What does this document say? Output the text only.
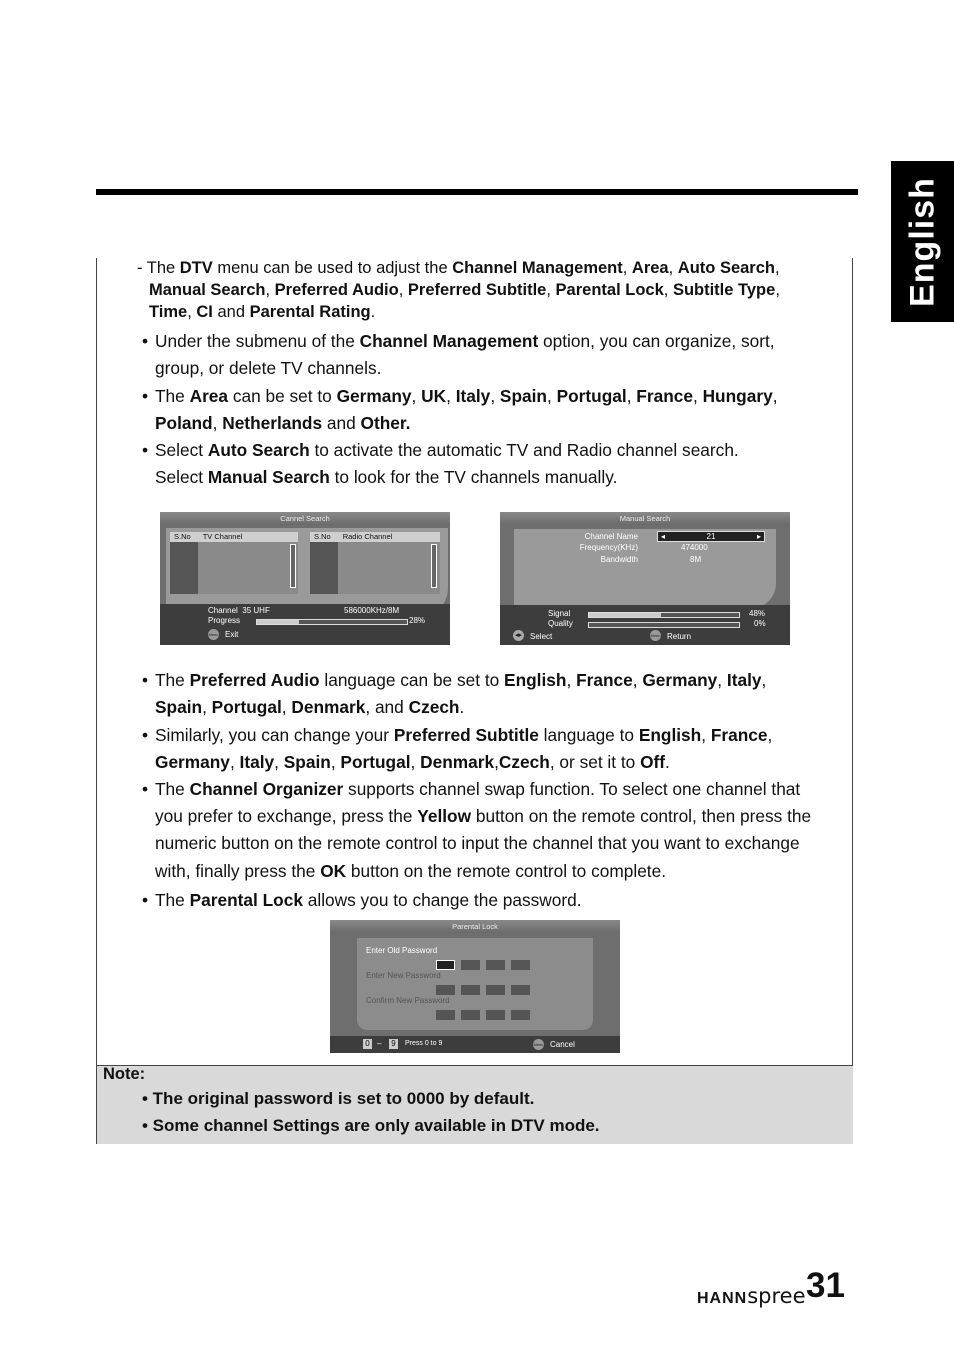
English
- The DTV menu can be used to adjust the Channel Management, Area, Auto Search,
Manual Search, Preferred Audio, Preferred Subtitle, Parental Lock, Subtitle Type,
Time, CI and Parental Rating.
• Under the submenu of the Channel Management option, you can organize, sort,
group, or delete TV channels.
• The Area can be set to Germany, UK, Italy, Spain, Portugal, France, Hungary,
Poland, Netherlands and Other.
• Select Auto Search to activate the automatic TV and Radio channel search.
Select Manual Search to look for the TV channels manually.
Cannel Search
S.No TV Channel	S.No Radio Channel
Channel 35 UHF	586000KHz/8M
Progress	28%
Menu Exit
Manual Search
Channel Name	◂	21	▸
Frequency(KHz)	474000
Bandwidth	8M
Signal	48%
Quality	0%
◂▸ Select	Menu Return
• The Preferred Audio language can be set to English, France, Germany, Italy,
Spain, Portugal, Denmark, and Czech.
• Similarly, you can change your Preferred Subtitle language to English, France,
Germany, Italy, Spain, Portugal, Denmark,Czech, or set it to Off.
• The Channel Organizer supports channel swap function. To select one channel that
you prefer to exchange, press the Yellow button on the remote control, then press the
numeric button on the remote control to input the channel that you want to exchange
with, finally press the OK button on the remote control to complete.
• The Parental Lock allows you to change the password.
Parental Lock
Enter Old Password
Enter New Password
Confirm New Password
0 – 9	Press 0 to 9	Menu Cancel
Note:
• The original password is set to 0000 by default.
• Some channel Settings are only available in DTV mode.
HANNspree 31
